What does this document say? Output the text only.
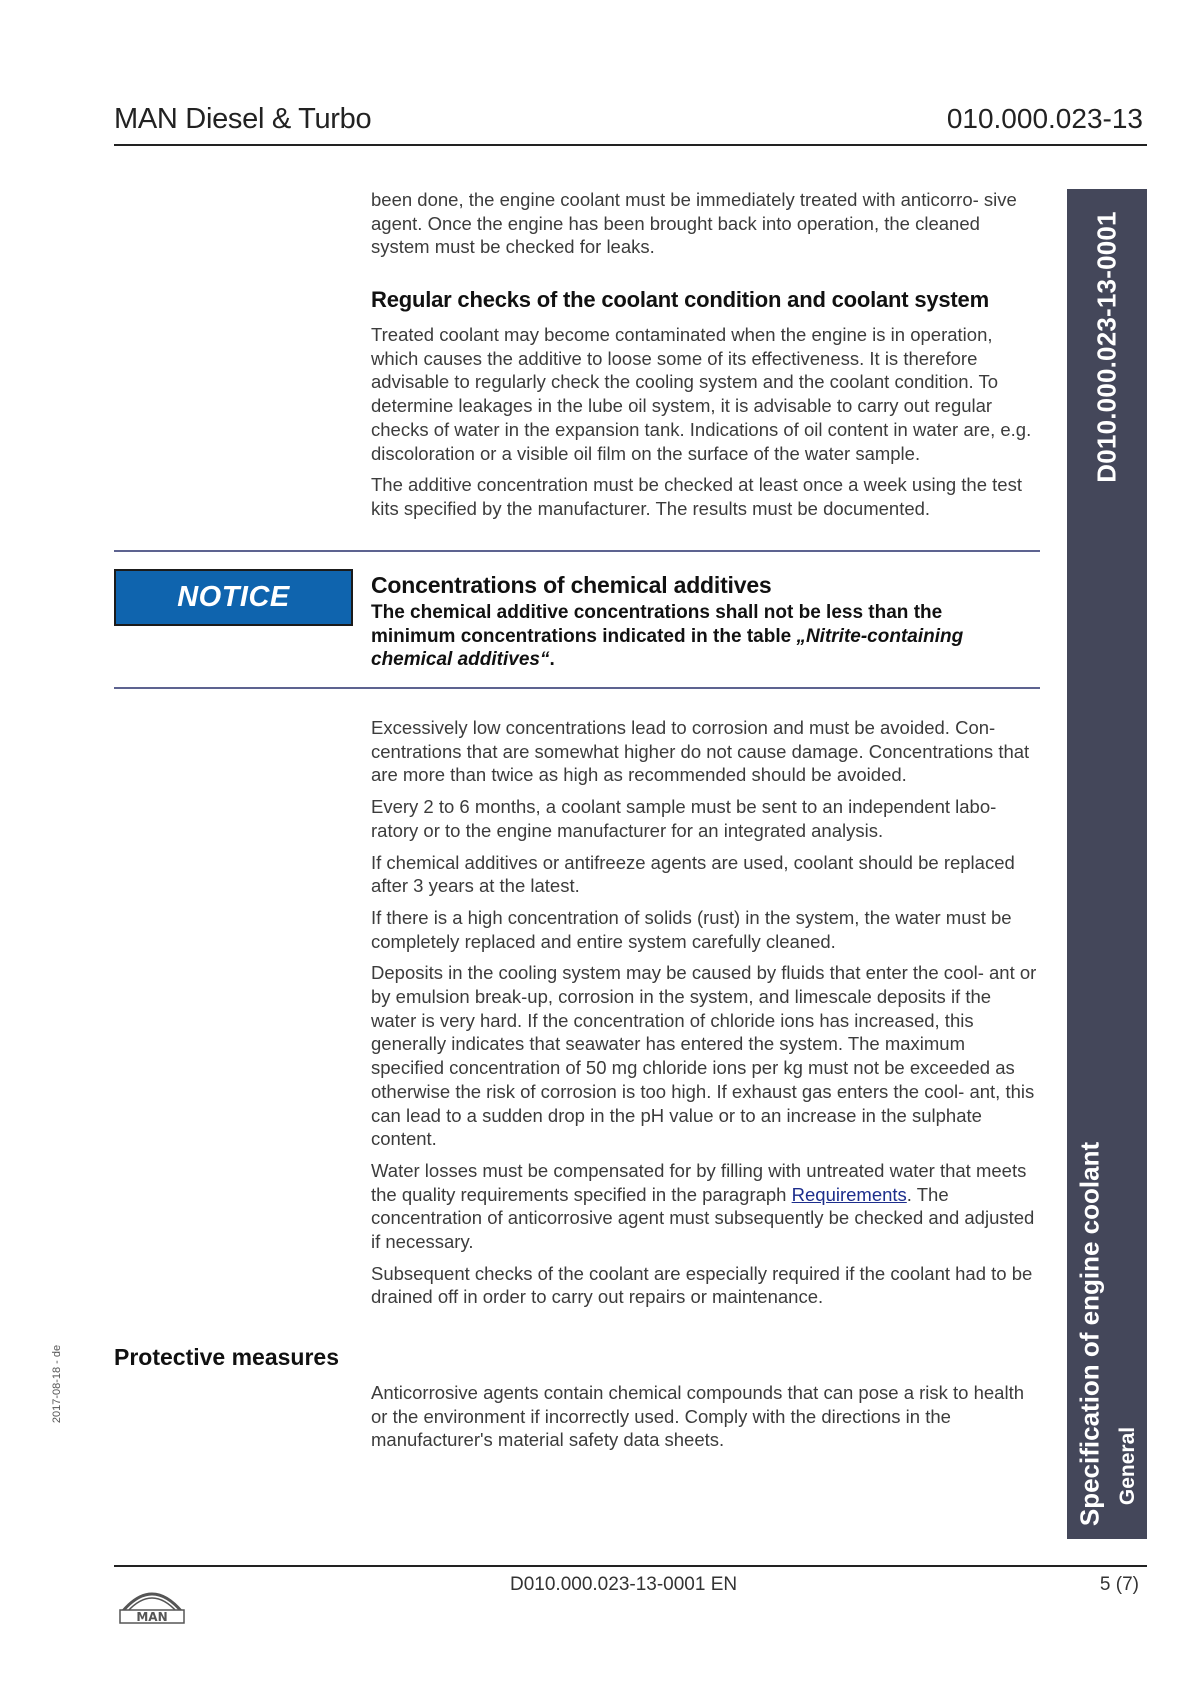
MAN Diesel & Turbo	010.000.023-13
D010.000.023-13-0001
Specification of engine coolant General

been done, the engine coolant must be immediately treated with anticorro- sive agent. Once the engine has been brought back into operation, the cleaned system must be checked for leaks.

Regular checks of the coolant condition and coolant system

Treated coolant may become contaminated when the engine is in operation, which causes the additive to loose some of its effectiveness. It is therefore advisable to regularly check the cooling system and the coolant condition. To determine leakages in the lube oil system, it is advisable to carry out regular checks of water in the expansion tank. Indications of oil content in water are, e.g. discoloration or a visible oil film on the surface of the water sample.

The additive concentration must be checked at least once a week using the test kits specified by the manufacturer. The results must be documented.

NOTICE	Concentrations of chemical additives
The chemical additive concentrations shall not be less than the minimum concentrations indicated in the table „Nitrite-containing chemical additives“.

Excessively low concentrations lead to corrosion and must be avoided. Con- centrations that are somewhat higher do not cause damage. Concentrations that are more than twice as high as recommended should be avoided.

Every 2 to 6 months, a coolant sample must be sent to an independent labo- ratory or to the engine manufacturer for an integrated analysis.

If chemical additives or antifreeze agents are used, coolant should be replaced after 3 years at the latest.

If there is a high concentration of solids (rust) in the system, the water must be completely replaced and entire system carefully cleaned.

Deposits in the cooling system may be caused by fluids that enter the cool- ant or by emulsion break-up, corrosion in the system, and limescale deposits if the water is very hard. If the concentration of chloride ions has increased, this generally indicates that seawater has entered the system. The maximum specified concentration of 50 mg chloride ions per kg must not be exceeded as otherwise the risk of corrosion is too high. If exhaust gas enters the cool- ant, this can lead to a sudden drop in the pH value or to an increase in the sulphate content.

Water losses must be compensated for by filling with untreated water that meets the quality requirements specified in the paragraph Requirements. The concentration of anticorrosive agent must subsequently be checked and adjusted if necessary.

Subsequent checks of the coolant are especially required if the coolant had to be drained off in order to carry out repairs or maintenance.

2017-08-18 - de Protective measures

Anticorrosive agents contain chemical compounds that can pose a risk to health or the environment if incorrectly used. Comply with the directions in the manufacturer's material safety data sheets.

D010.000.023-13-0001 EN	5 (7)
MAN
